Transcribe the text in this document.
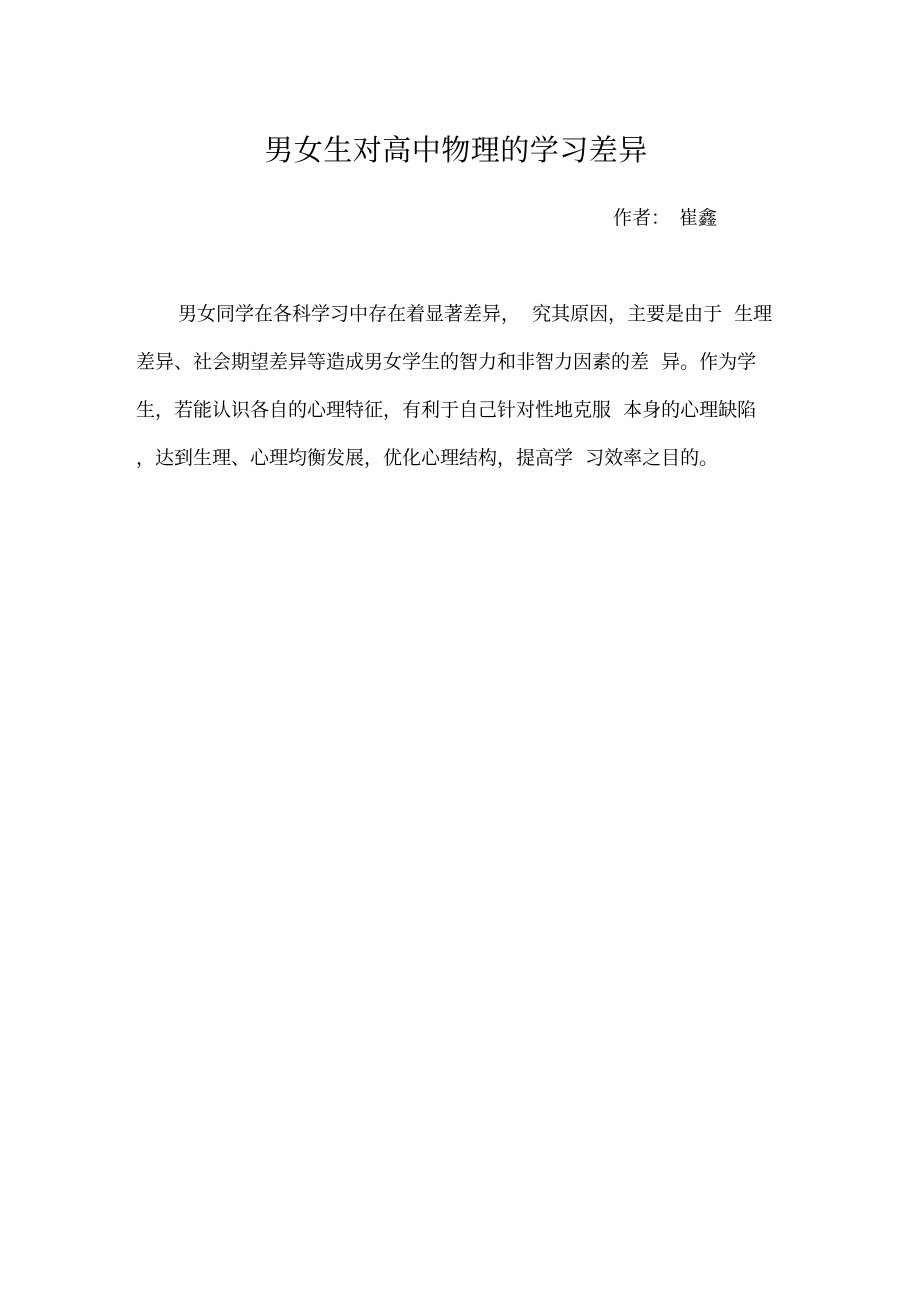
男女生对高中物理的学习差异
作者： 崔鑫
男女同学在各科学习中存在着显著差异，  究其原因，主要是由于  生理
差异、社会期望差异等造成男女学生的智力和非智力因素的差  异。作为学
生，若能认识各自的心理特征，有利于自己针对性地克服  本身的心理缺陷
，达到生理、心理均衡发展，优化心理结构，提高学  习效率之目的。
